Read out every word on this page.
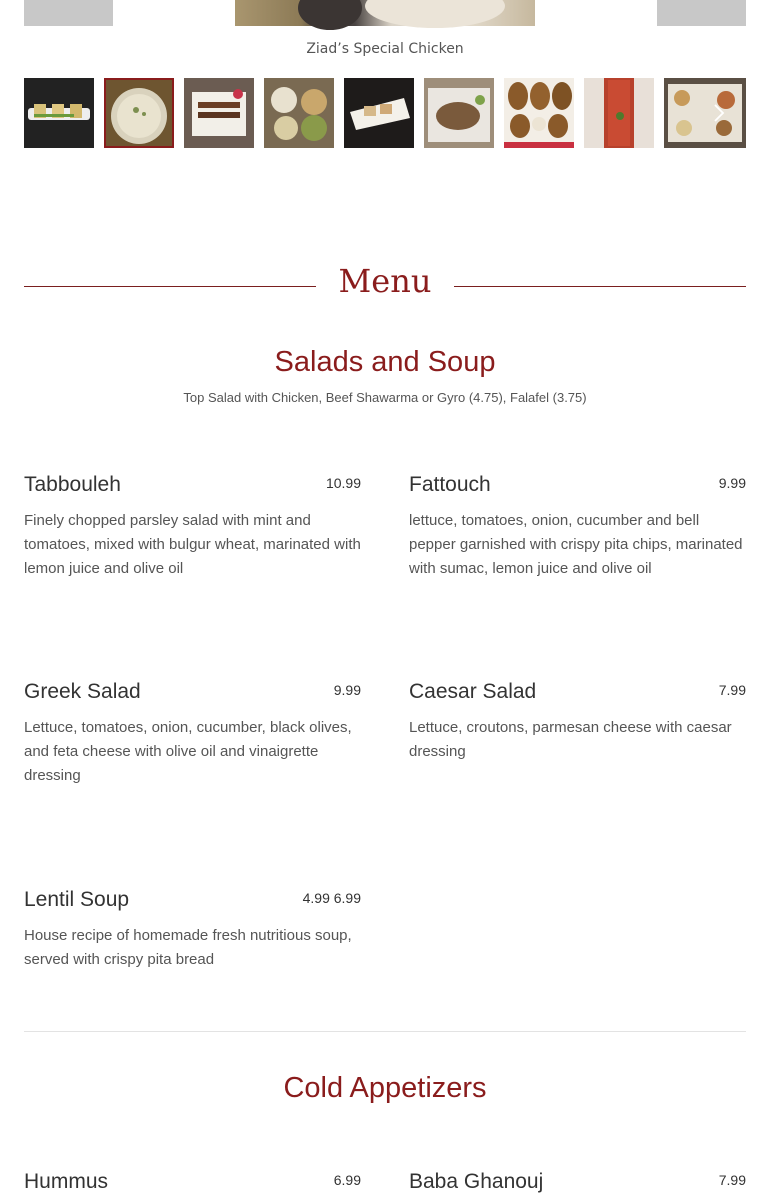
Ziad’s Special Chicken
Menu
Salads and Soup
Top Salad with Chicken, Beef Shawarma or Gyro (4.75), Falafel (3.75)
Tabbouleh	10.99
Finely chopped parsley salad with mint and tomatoes, mixed with bulgur wheat, marinated with lemon juice and olive oil
Fattouch	9.99
lettuce, tomatoes, onion, cucumber and bell pepper garnished with crispy pita chips, marinated with sumac, lemon juice and olive oil
Greek Salad	9.99
Lettuce, tomatoes, onion, cucumber, black olives, and feta cheese with olive oil and vinaigrette dressing
Caesar Salad	7.99
Lettuce, croutons, parmesan cheese with caesar dressing
Lentil Soup	4.99 6.99
House recipe of homemade fresh nutritious soup, served with crispy pita bread
Cold Appetizers
Hummus	6.99 Baba Ghanouj	7.99
